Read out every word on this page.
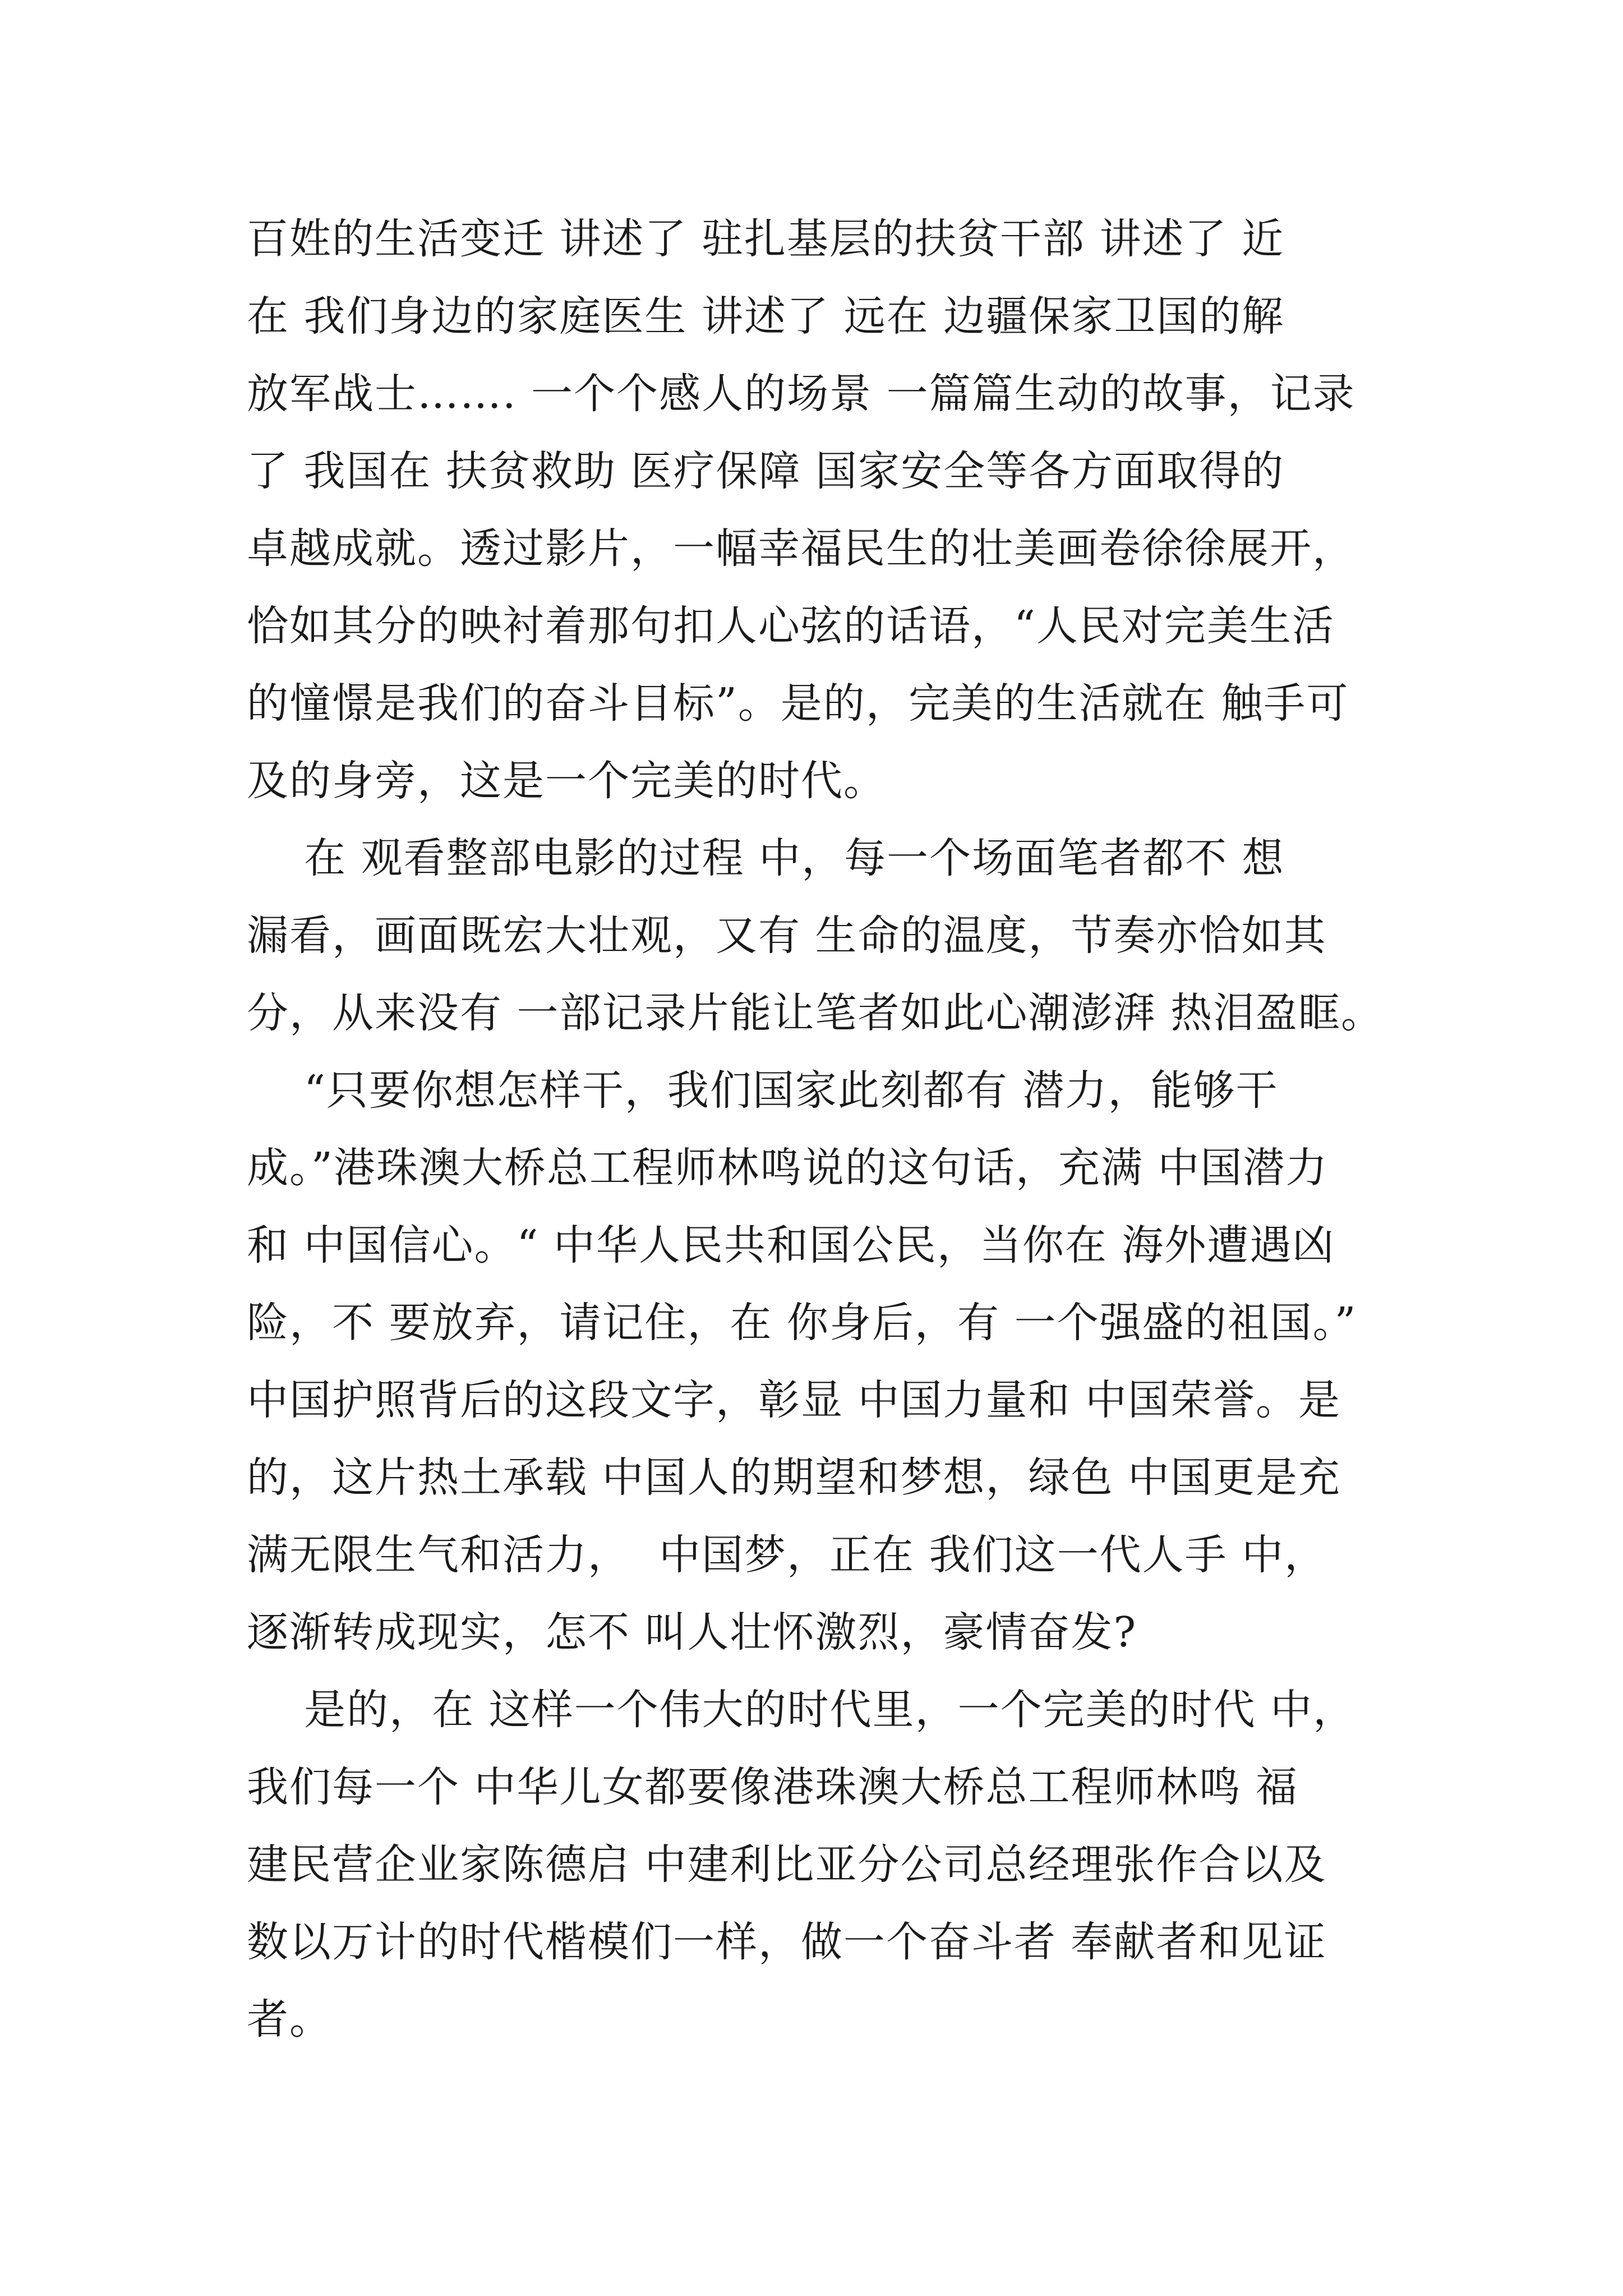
百姓的生活变迁 讲述了 驻扎基层的扶贫干部 讲述了 近
在 我们身边的家庭医生 讲述了 远在 边疆保家卫国的解
放军战士……. 一个个感人的场景 一篇篇生动的故事，记录
了 我国在 扶贫救助 医疗保障 国家安全等各方面取得的
卓越成就。透过影片，一幅幸福民生的壮美画卷徐徐展开，
恰如其分的映衬着那句扣人心弦的话语，“人民对完美生活
的憧憬是我们的奋斗目标”。是的，完美的生活就在 触手可
及的身旁，这是一个完美的时代。
在 观看整部电影的过程 中，每一个场面笔者都不 想
漏看，画面既宏大壮观，又有 生命的温度，节奏亦恰如其
分，从来没有 一部记录片能让笔者如此心潮澎湃 热泪盈眶。
“只要你想怎样干，我们国家此刻都有 潜力，能够干
成。”港珠澳大桥总工程师林鸣说的这句话，充满 中国潜力
和 中国信心。“ 中华人民共和国公民，当你在 海外遭遇凶
险，不 要放弃，请记住，在 你身后，有 一个强盛的祖国。”
中国护照背后的这段文字，彰显 中国力量和 中国荣誉。是
的，这片热土承载 中国人的期望和梦想，绿色 中国更是充
满无限生气和活力，  中国梦，正在 我们这一代人手 中，
逐渐转成现实，怎不 叫人壮怀激烈，豪情奋发?
是的，在 这样一个伟大的时代里，一个完美的时代 中，
我们每一个 中华儿女都要像港珠澳大桥总工程师林鸣 福
建民营企业家陈德启 中建利比亚分公司总经理张作合以及
数以万计的时代楷模们一样，做一个奋斗者 奉献者和见证
者。
